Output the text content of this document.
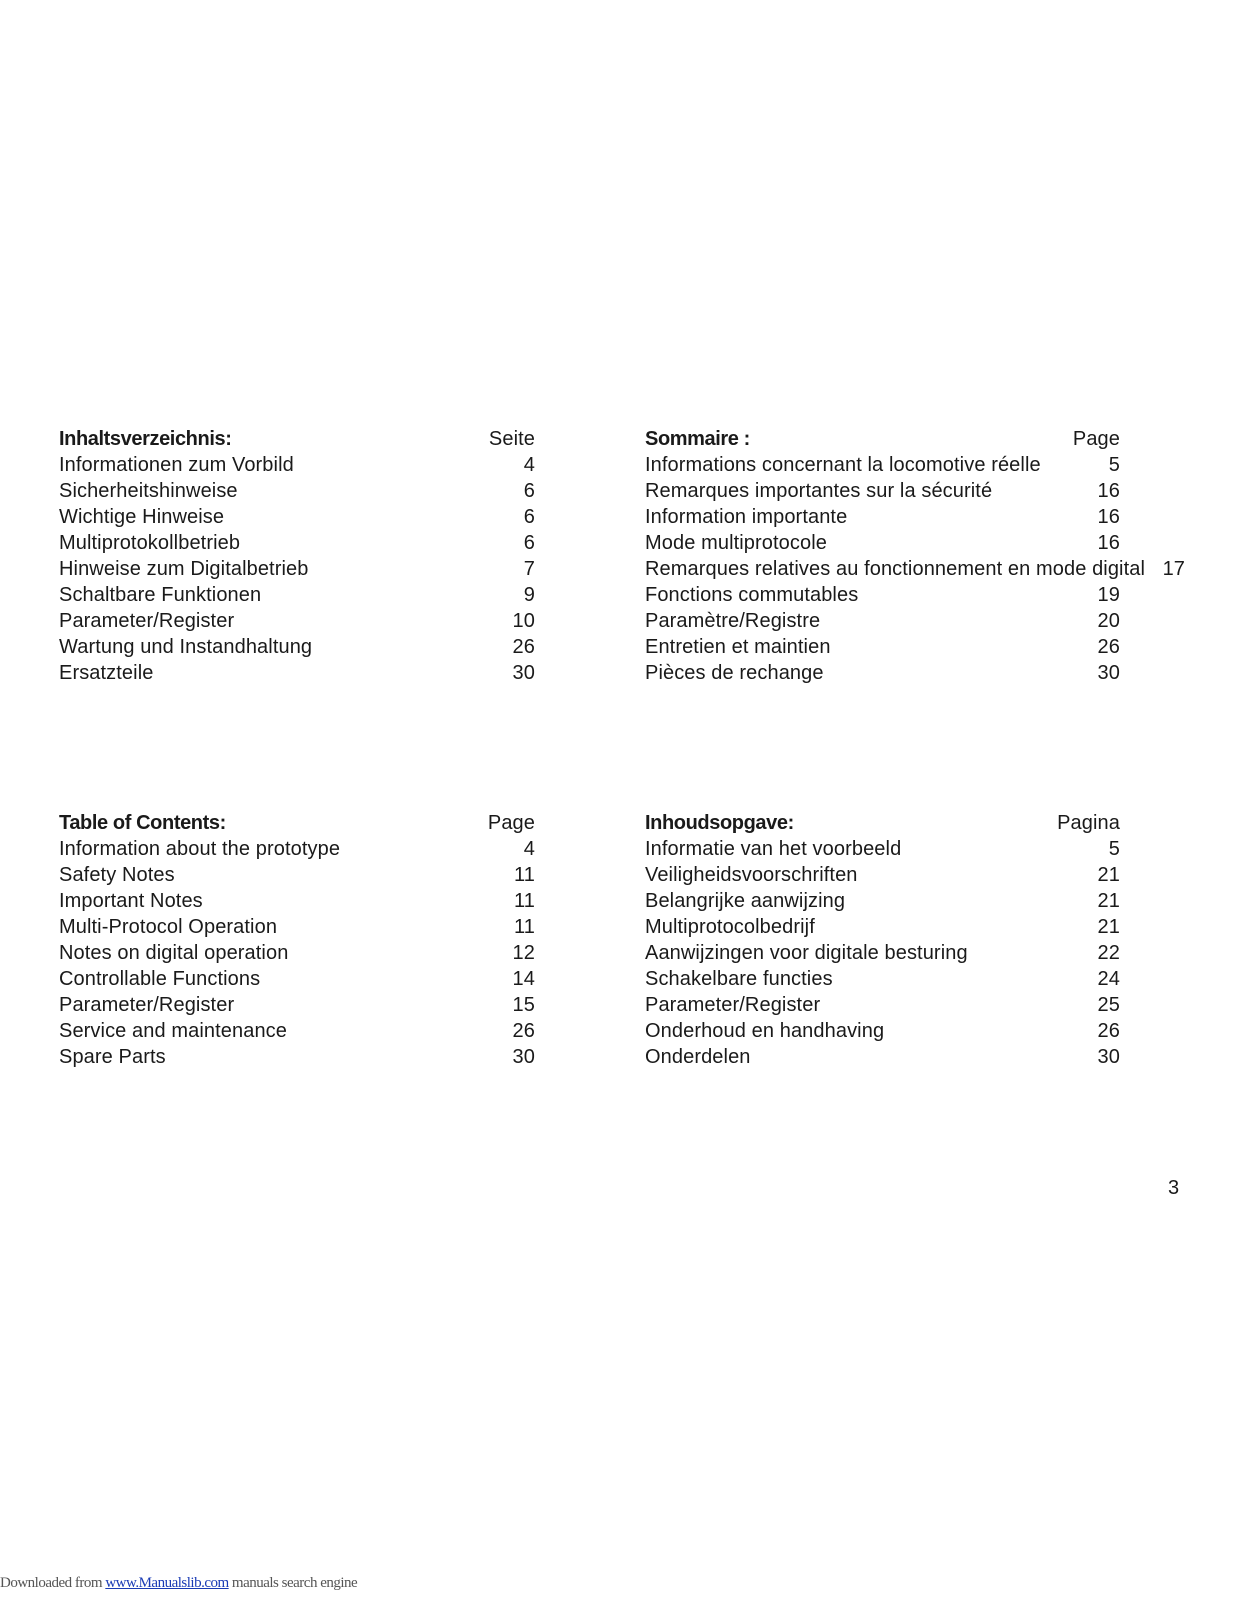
Inhaltsverzeichnis:	Seite
Informationen zum Vorbild	4
Sicherheitshinweise	6
Wichtige Hinweise	6
Multiprotokollbetrieb	6
Hinweise zum Digitalbetrieb	7
Schaltbare Funktionen	9
Parameter/Register	10
Wartung und Instandhaltung	26
Ersatzteile	30
Sommaire :	Page
Informations concernant la locomotive réelle	5
Remarques importantes sur la sécurité	16
Information importante	16
Mode multiprotocole	16
Remarques relatives au fonctionnement en mode digital 17
Fonctions commutables	19
Paramètre/Registre	20
Entretien et maintien	26
Pièces de rechange	30
Table of Contents:	Page
Information about the prototype	4
Safety Notes	11
Important Notes	11
Multi-Protocol Operation	11
Notes on digital operation	12
Controllable Functions	14
Parameter/Register	15
Service and maintenance	26
Spare Parts	30
Inhoudsopgave:	Pagina
Informatie van het voorbeeld	5
Veiligheidsvoorschriften	21
Belangrijke aanwijzing	21
Multiprotocolbedrijf	21
Aanwijzingen voor digitale besturing	22
Schakelbare functies	24
Parameter/Register	25
Onderhoud en handhaving	26
Onderdelen	30
3
Downloaded from www.Manualslib.com manuals search engine
